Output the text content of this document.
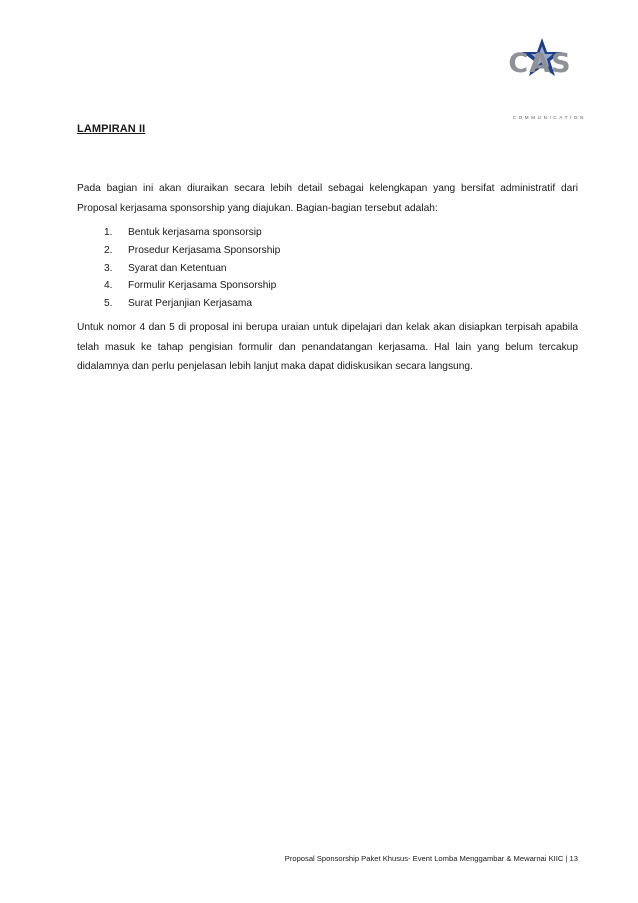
CAS
COMMUNICATION
LAMPIRAN II
Pada bagian ini akan diuraikan secara lebih detail sebagai kelengkapan yang bersifat administratif dari Proposal kerjasama sponsorship yang diajukan. Bagian-bagian tersebut adalah:
1. Bentuk kerjasama sponsorsip
2. Prosedur Kerjasama Sponsorship
3. Syarat dan Ketentuan
4. Formulir Kerjasama Sponsorship
5. Surat Perjanjian Kerjasama
Untuk nomor 4 dan 5 di proposal ini berupa uraian untuk dipelajari dan kelak akan disiapkan terpisah apabila telah masuk ke tahap pengisian formulir dan penandatangan kerjasama. Hal lain yang belum tercakup didalamnya dan perlu penjelasan lebih lanjut maka dapat didiskusikan secara langsung.
Proposal Sponsorship Paket Khusus- Event Lomba Menggambar & Mewarnai KIIC | 13
